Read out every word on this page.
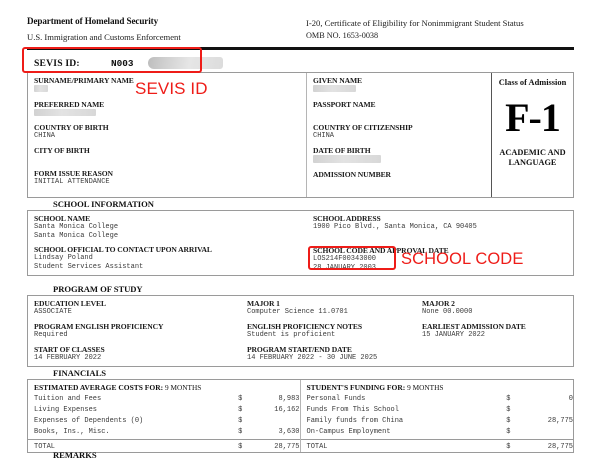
Department of Homeland Security
U.S. Immigration and Customs Enforcement
I-20, Certificate of Eligibility for Nonimmigrant Student Status
OMB NO. 1653-0038
SEVIS ID:	N003
SURNAME/PRIMARY NAME
PREFERRED NAME
COUNTRY OF BIRTH
CHINA
CITY OF BIRTH

FORM ISSUE REASON
INITIAL ATTENDANCE
GIVEN NAME
PASSPORT NAME

COUNTRY OF CITIZENSHIP
CHINA
DATE OF BIRTH
ADMISSION NUMBER

Class of Admission
F-1
ACADEMIC AND LANGUAGE
SCHOOL INFORMATION
SCHOOL NAME
Santa Monica College
Santa Monica College
SCHOOL OFFICIAL TO CONTACT UPON ARRIVAL
Lindsay Poland
Student Services Assistant
SCHOOL ADDRESS
1900 Pico Blvd., Santa Monica, CA 90405
SCHOOL CODE AND APPROVAL DATE
LOS214F00343000
28 JANUARY 2003
PROGRAM OF STUDY
EDUCATION LEVEL
ASSOCIATE
PROGRAM ENGLISH PROFICIENCY
Required
START OF CLASSES
14 FEBRUARY 2022
MAJOR 1
Computer Science 11.0701
ENGLISH PROFICIENCY NOTES
Student is proficient
PROGRAM START/END DATE
14 FEBRUARY 2022 - 30 JUNE 2025
MAJOR 2
None 00.0000
EARLIEST ADMISSION DATE
15 JANUARY 2022
FINANCIALS
ESTIMATED AVERAGE COSTS FOR: 9 MONTHS
Tuition and Fees	$	8,983
Living Expenses	$	16,162
Expenses of Dependents (0)	$	
Books, Ins., Misc.	$	3,630

TOTAL	$	28,775
STUDENT'S FUNDING FOR: 9 MONTHS
Personal Funds	$	0
Funds From This School	$	
Family funds from China	$	28,775
On-Campus Employment	$	

TOTAL	$	28,775
REMARKS
SEVIS ID
SCHOOL CODE
